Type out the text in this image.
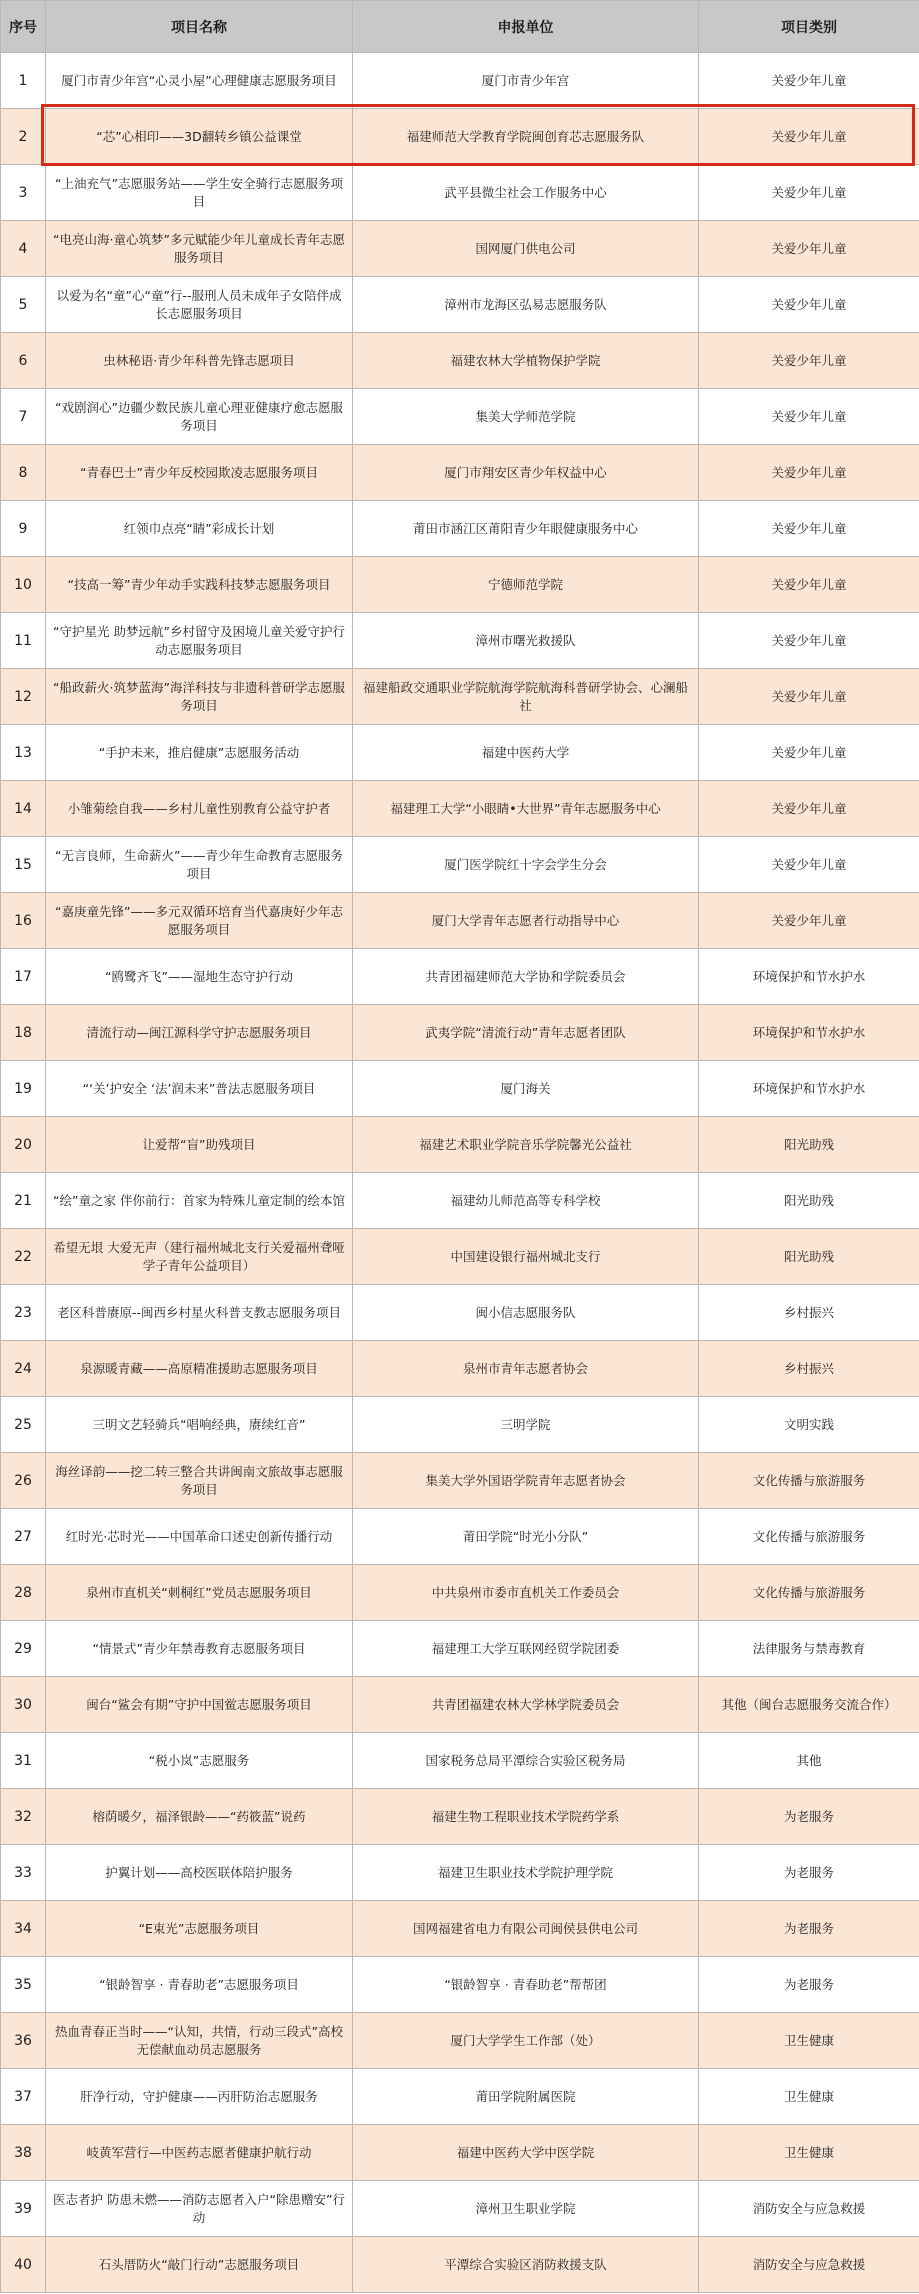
序号	项目名称	申报单位	项目类别
1	厦门市青少年宫“心灵小屋”心理健康志愿服务项目	厦门市青少年宫	关爱少年儿童
2	“芯”心相印——3D翻转乡镇公益课堂	福建师范大学教育学院闽创育芯志愿服务队	关爱少年儿童
3	“上油充气”志愿服务站——学生安全骑行志愿服务项目	武平县微尘社会工作服务中心	关爱少年儿童
4	“电亮山海·童心筑梦”多元赋能少年儿童成长青年志愿服务项目	国网厦门供电公司	关爱少年儿童
5	以爱为名“童”心“童”行--服刑人员未成年子女陪伴成长志愿服务项目	漳州市龙海区弘易志愿服务队	关爱少年儿童
6	虫林秘语·青少年科普先锋志愿项目	福建农林大学植物保护学院	关爱少年儿童
7	“戏剧润心”边疆少数民族儿童心理亚健康疗愈志愿服务项目	集美大学师范学院	关爱少年儿童
8	“青春巴士”青少年反校园欺凌志愿服务项目	厦门市翔安区青少年权益中心	关爱少年儿童
9	红领巾点亮“睛”彩成长计划	莆田市涵江区莆阳青少年眼健康服务中心	关爱少年儿童
10	“技高一筹”青少年动手实践科技梦志愿服务项目	宁德师范学院	关爱少年儿童
11	“守护星光 助梦远航”乡村留守及困境儿童关爱守护行动志愿服务项目	漳州市曙光救援队	关爱少年儿童
12	“船政薪火·筑梦蓝海”海洋科技与非遗科普研学志愿服务项目	福建船政交通职业学院航海学院航海科普研学协会、心澜船社	关爱少年儿童
13	“手护未来，推启健康”志愿服务活动	福建中医药大学	关爱少年儿童
14	小雏菊绘自我——乡村儿童性别教育公益守护者	福建理工大学“小眼睛•大世界”青年志愿服务中心	关爱少年儿童
15	“无言良师，生命薪火”——青少年生命教育志愿服务项目	厦门医学院红十字会学生分会	关爱少年儿童
16	“嘉庚童先锋”——多元双循环培育当代嘉庚好少年志愿服务项目	厦门大学青年志愿者行动指导中心	关爱少年儿童
17	“鸥鹭齐飞”——湿地生态守护行动	共青团福建师范大学协和学院委员会	环境保护和节水护水
18	清流行动—闽江源科学守护志愿服务项目	武夷学院“清流行动”青年志愿者团队	环境保护和节水护水
19	“‘关’护安全 ‘法’润未来”普法志愿服务项目	厦门海关	环境保护和节水护水
20	让爱帮“盲”助残项目	福建艺术职业学院音乐学院馨光公益社	阳光助残
21	“绘”童之家 伴你前行：首家为特殊儿童定制的绘本馆	福建幼儿师范高等专科学校	阳光助残
22	希望无垠 大爱无声（建行福州城北支行关爱福州聋哑学子青年公益项目）	中国建设银行福州城北支行	阳光助残
23	老区科普赓原--闽西乡村星火科普支教志愿服务项目	闽小信志愿服务队	乡村振兴
24	泉源暖青藏——高原精准援助志愿服务项目	泉州市青年志愿者协会	乡村振兴
25	三明文艺轻骑兵“唱响经典，赓续红音”	三明学院	文明实践
26	海丝译韵——挖二转三整合共讲闽南文旅故事志愿服务项目	集美大学外国语学院青年志愿者协会	文化传播与旅游服务
27	红时光·芯时光——中国革命口述史创新传播行动	莆田学院“时光小分队”	文化传播与旅游服务
28	泉州市直机关“刺桐红”党员志愿服务项目	中共泉州市委市直机关工作委员会	文化传播与旅游服务
29	“情景式”青少年禁毒教育志愿服务项目	福建理工大学互联网经贸学院团委	法律服务与禁毒教育
30	闽台“鲨会有期”守护中国鲎志愿服务项目	共青团福建农林大学林学院委员会	其他（闽台志愿服务交流合作）
31	“税小岚”志愿服务	国家税务总局平潭综合实验区税务局	其他
32	榕荫暖夕，福泽银龄——“药筱蓝”说药	福建生物工程职业技术学院药学系	为老服务
33	护翼计划——高校医联体陪护服务	福建卫生职业技术学院护理学院	为老服务
34	“E束光”志愿服务项目	国网福建省电力有限公司闽侯县供电公司	为老服务
35	“银龄智享 · 青春助老”志愿服务项目	“银龄智享 · 青春助老”帮帮团	为老服务
36	热血青春正当时——“认知，共情，行动三段式”高校无偿献血动员志愿服务	厦门大学学生工作部（处）	卫生健康
37	肝净行动，守护健康——丙肝防治志愿服务	莆田学院附属医院	卫生健康
38	岐黄军营行—中医药志愿者健康护航行动	福建中医药大学中医学院	卫生健康
39	医志者护 防患未燃——消防志愿者入户“除患赠安”行动	漳州卫生职业学院	消防安全与应急救援
40	石头厝防火“敲门行动”志愿服务项目	平潭综合实验区消防救援支队	消防安全与应急救援
